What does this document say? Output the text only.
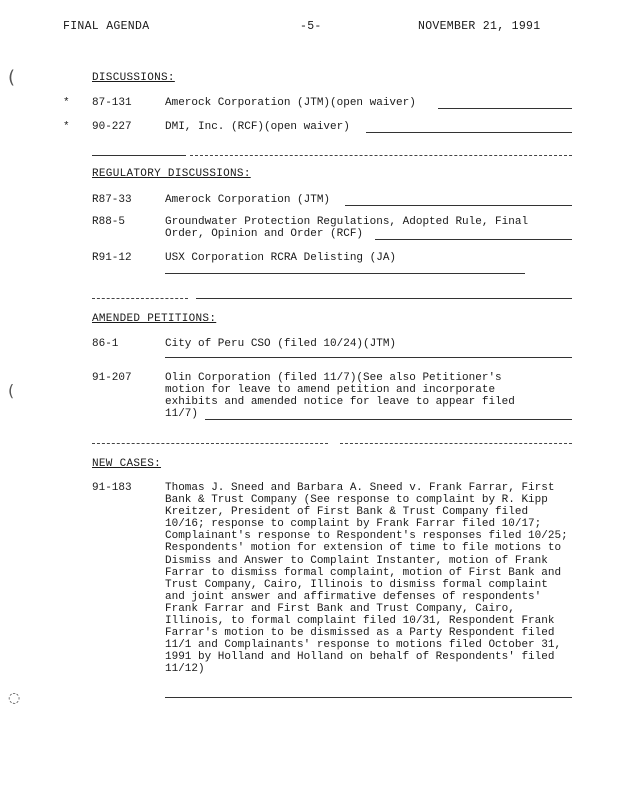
FINAL AGENDA	-5-	NOVEMBER 21, 1991
(
(
◌
DISCUSSIONS:
* 87-131	Amerock Corporation (JTM)(open waiver)
* 90-227	DMI, Inc. (RCF)(open waiver)
REGULATORY DISCUSSIONS:
R87-33	Amerock Corporation (JTM)
R88-5	Groundwater Protection Regulations, Adopted Rule, Final
Order, Opinion and Order (RCF)
R91-12	USX Corporation RCRA Delisting (JA)
AMENDED PETITIONS:
86-1	City of Peru CSO (filed 10/24)(JTM)
91-207	Olin Corporation (filed 11/7)(See also Petitioner's
motion for leave to amend petition and incorporate
exhibits and amended notice for leave to appear filed
11/7)
NEW CASES:
91-183	Thomas J. Sneed and Barbara A. Sneed v. Frank Farrar, First Bank & Trust Company (See response to complaint by R. Kipp Kreitzer, President of First Bank & Trust Company filed 10/16; response to complaint by Frank Farrar filed 10/17; Complainant's response to Respondent's responses filed 10/25; Respondents' motion for extension of time to file motions to Dismiss and Answer to Complaint Instanter, motion of Frank Farrar to dismiss formal complaint, motion of First Bank and Trust Company, Cairo, Illinois to dismiss formal complaint and joint answer and affirmative defenses of respondents' Frank Farrar and First Bank and Trust Company, Cairo, Illinois, to formal complaint filed 10/31, Respondent Frank Farrar's motion to be dismissed as a Party Respondent filed 11/1 and Complainants' response to motions filed October 31, 1991 by Holland and Holland on behalf of Respondents' filed 11/12)
